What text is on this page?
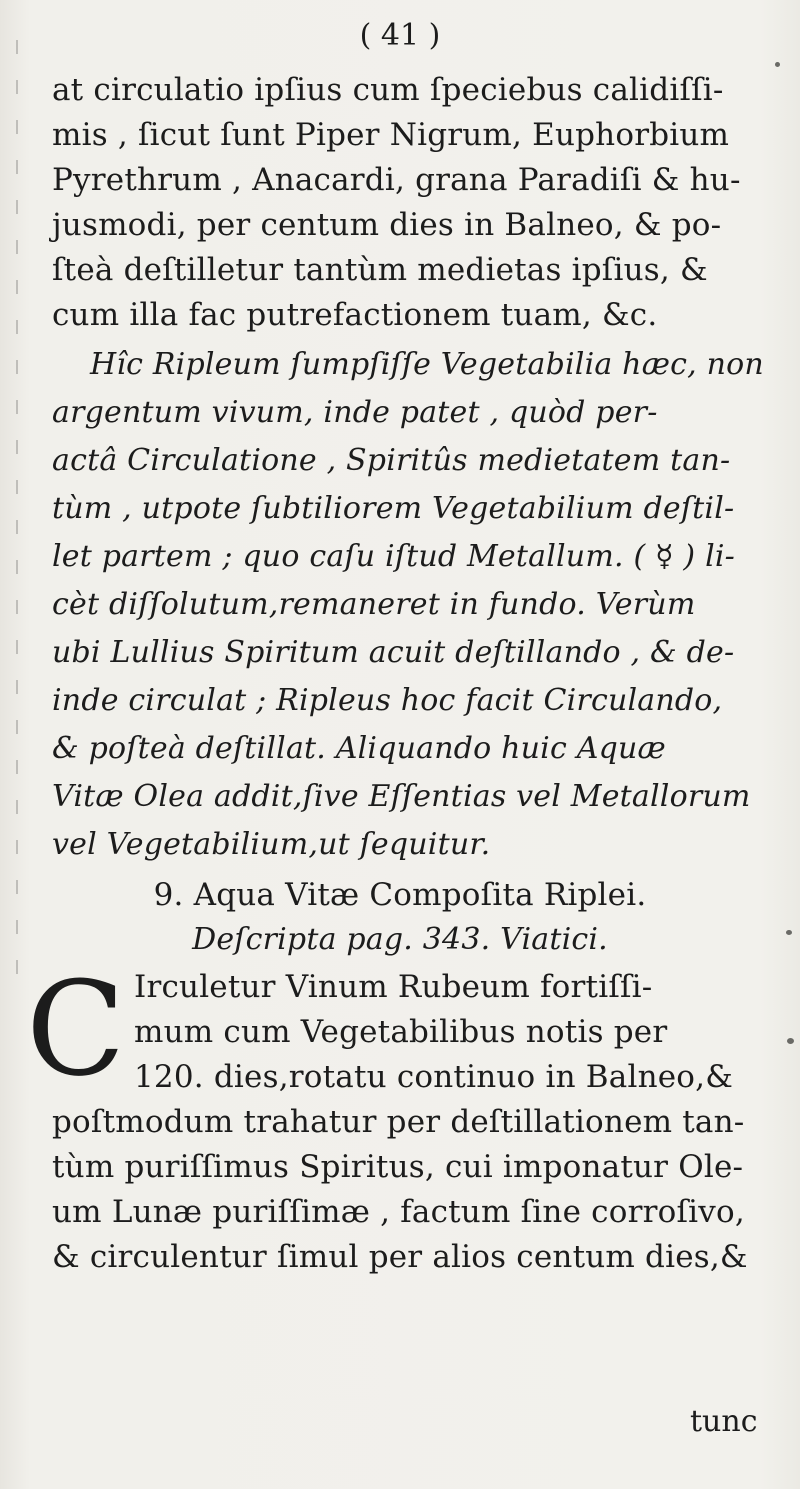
( 41 )
at circulatio ipſius cum ſpeciebus calidiſſi-
mis , ſicut ſunt Piper Nigrum, Euphorbium
Pyrethrum , Anacardi, grana Paradiſi & hu-
jusmodi, per centum dies in Balneo, & po-
ſteà deſtilletur tantùm medietas ipſius, &
cum illa fac putrefactionem tuam, &c.
Hîc Ripleum ſumpſiſſe Vegetabilia hæc, non
argentum vivum, inde patet , quòd per-
actâ Circulatione , Spiritûs medietatem tan-
tùm , utpote ſubtiliorem Vegetabilium deſtil-
let partem ; quo caſu iſtud Metallum. ( ☿ ) li-
cèt diſſolutum,remaneret in fundo. Verùm
ubi Lullius Spiritum acuit deſtillando , & de-
inde circulat ; Ripleus hoc facit Circulando,
& poſteà deſtillat. Aliquando huic Aquæ
Vitæ Olea addit,ſive Eſſentias vel Metallorum
vel Vegetabilium,ut ſequitur.
9. Aqua Vitæ Compoſita Riplei.
Deſcripta pag. 343. Viatici.
C Irculetur Vinum Rubeum fortiſſi-
mum cum Vegetabilibus notis per
120. dies,rotatu continuo in Balneo,&
poſtmodum trahatur per deſtillationem tan-
tùm puriſſimus Spiritus, cui imponatur Ole-
um Lunæ puriſſimæ , factum ſine corroſivo,
& circulentur ſimul per alios centum dies,&
tunc
